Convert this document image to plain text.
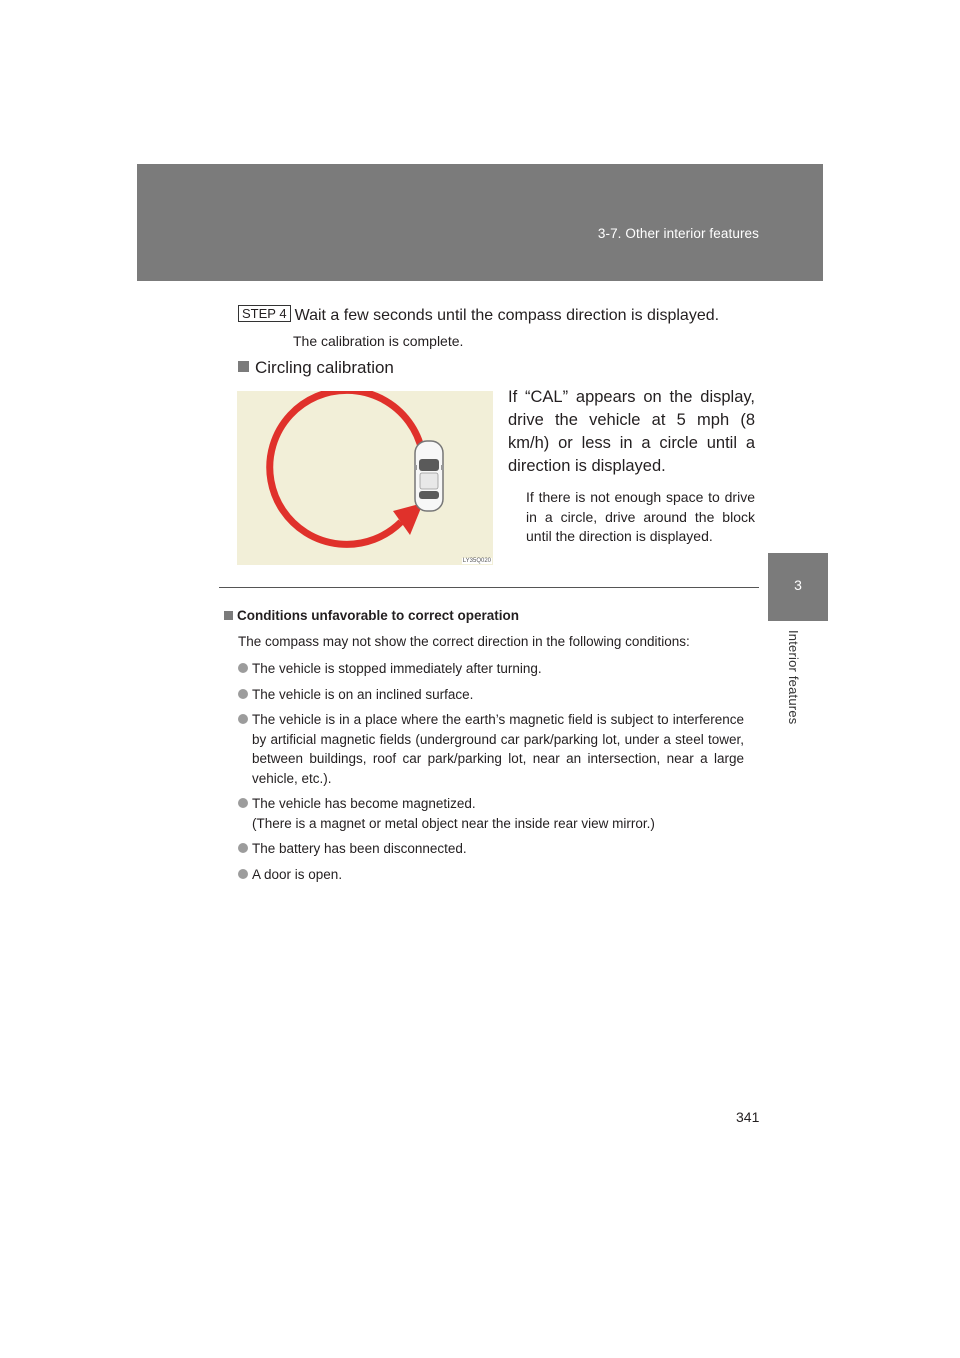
3-7. Other interior features
3
Interior features
STEP 4 Wait a few seconds until the compass direction is displayed.
The calibration is complete.
Circling calibration
LY35Q020
If “CAL” appears on the display, drive the vehicle at 5 mph (8 km/h) or less in a circle until a direction is displayed.
If there is not enough space to drive in a circle, drive around the block until the direction is displayed.
Conditions unfavorable to correct operation
The compass may not show the correct direction in the following conditions:
The vehicle is stopped immediately after turning.
The vehicle is on an inclined surface.
The vehicle is in a place where the earth’s magnetic field is subject to interference by artificial magnetic fields (underground car park/parking lot, under a steel tower, between buildings, roof car park/parking lot, near an intersection, near a large vehicle, etc.).
The vehicle has become magnetized.
(There is a magnet or metal object near the inside rear view mirror.)
The battery has been disconnected.
A door is open.
341
